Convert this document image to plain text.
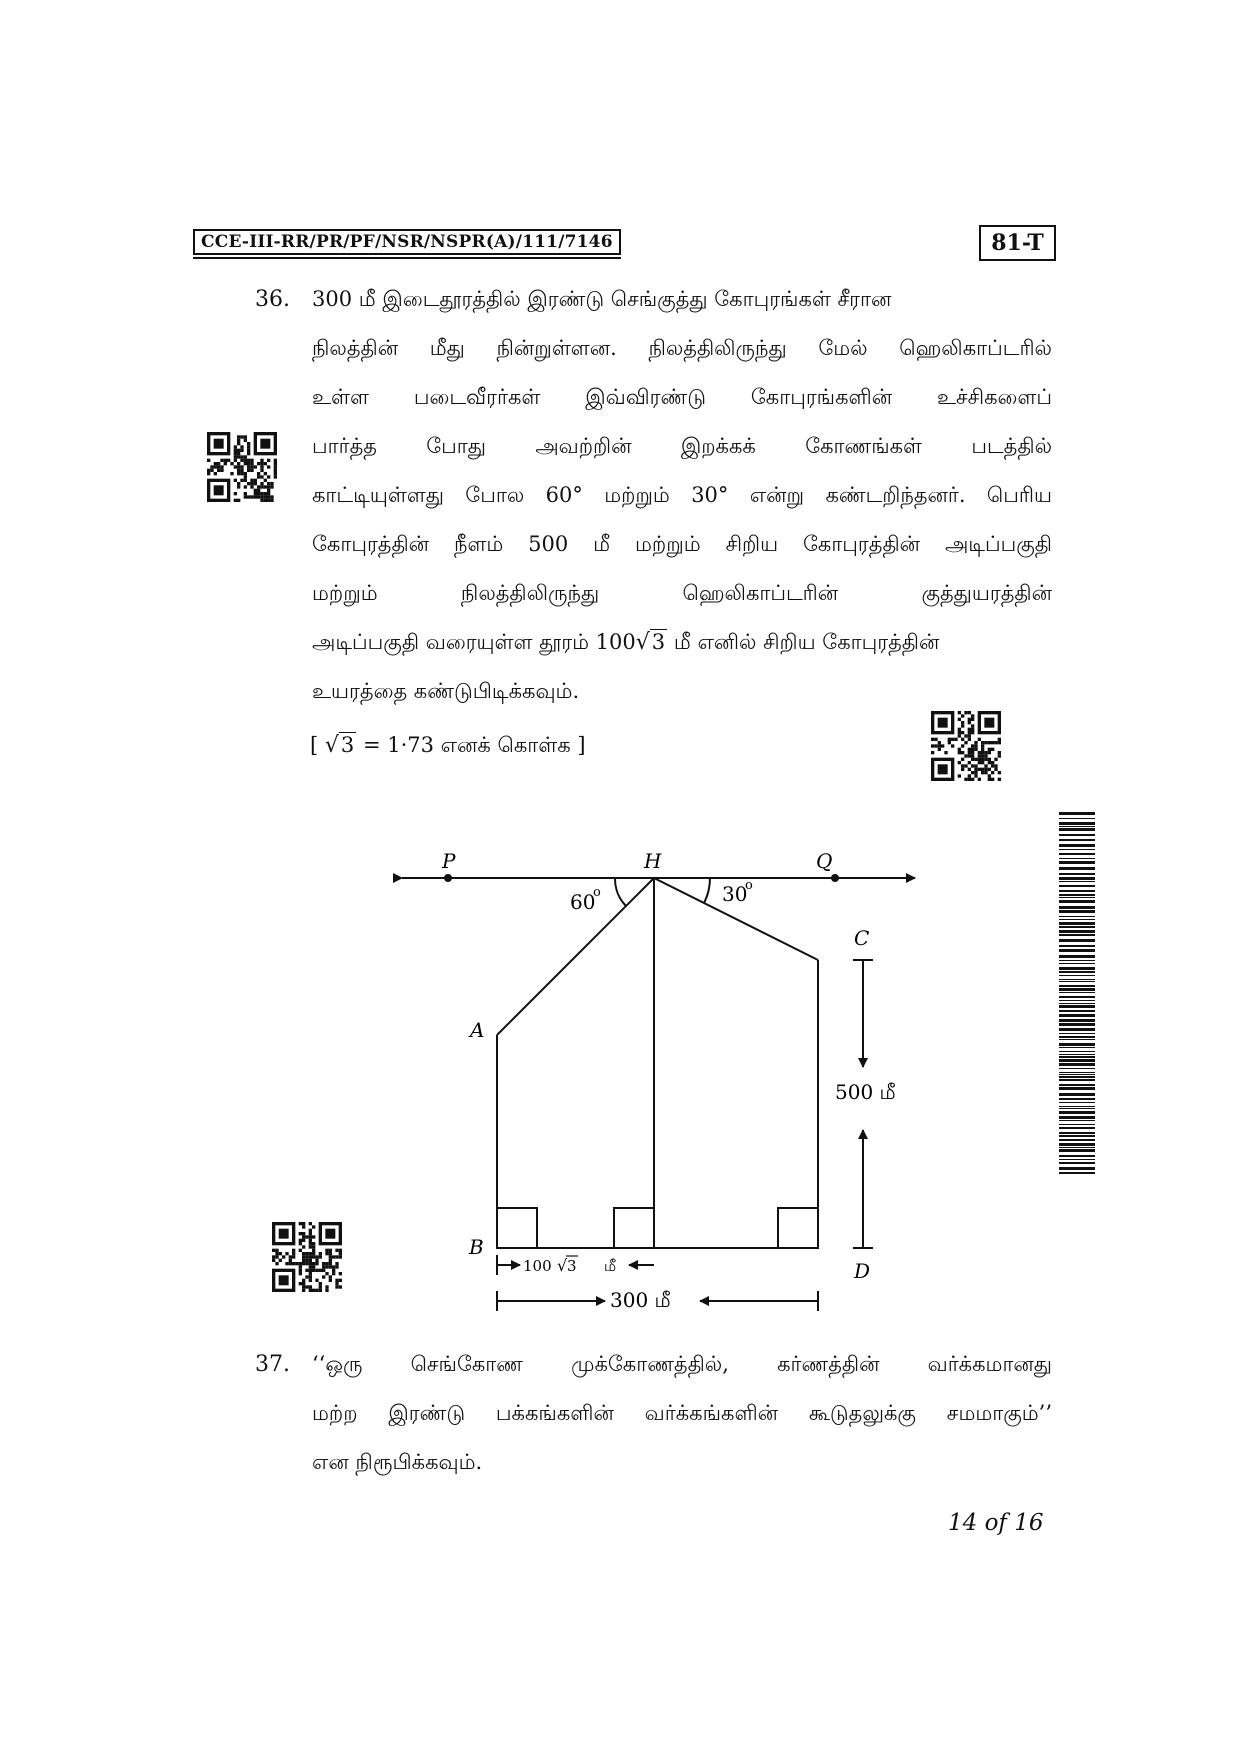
CCE-III-RR/PR/PF/NSR/NSPR(A)/111/7146	81-T
36. 300 மீ இடைதூரத்தில் இரண்டு செங்குத்து கோபுரங்கள் சீரான
நிலத்தின் மீது நின்றுள்ளன. நிலத்திலிருந்து மேல் ஹெலிகாப்டரில்
உள்ள படைவீரர்கள் இவ்விரண்டு கோபுரங்களின் உச்சிகளைப்
பார்த்த போது அவற்றின் இறக்கக் கோணங்கள் படத்தில்
காட்டியுள்ளது போல 60° மற்றும் 30° என்று கண்டறிந்தனர். பெரிய
கோபுரத்தின் நீளம் 500 மீ மற்றும் சிறிய கோபுரத்தின் அடிப்பகுதி
மற்றும் நிலத்திலிருந்து ஹெலிகாப்டரின் குத்துயரத்தின்
அடிப்பகுதி வரையுள்ள தூரம் 100√3 மீ எனில் சிறிய கோபுரத்தின்
உயரத்தை கண்டுபிடிக்கவும்.
[ √3 = 1·73 எனக் கொள்க ]
P	H	Q
A
B
C
D
60
o	30
o
500 மீ
100 √ 3 மீ
300 மீ
37. ‘‘ஒரு செங்கோண முக்கோணத்தில், கர்ணத்தின் வர்க்கமானது
மற்ற இரண்டு பக்கங்களின் வர்க்கங்களின் கூடுதலுக்கு சமமாகும்’’
என நிரூபிக்கவும்.
14 of 16
